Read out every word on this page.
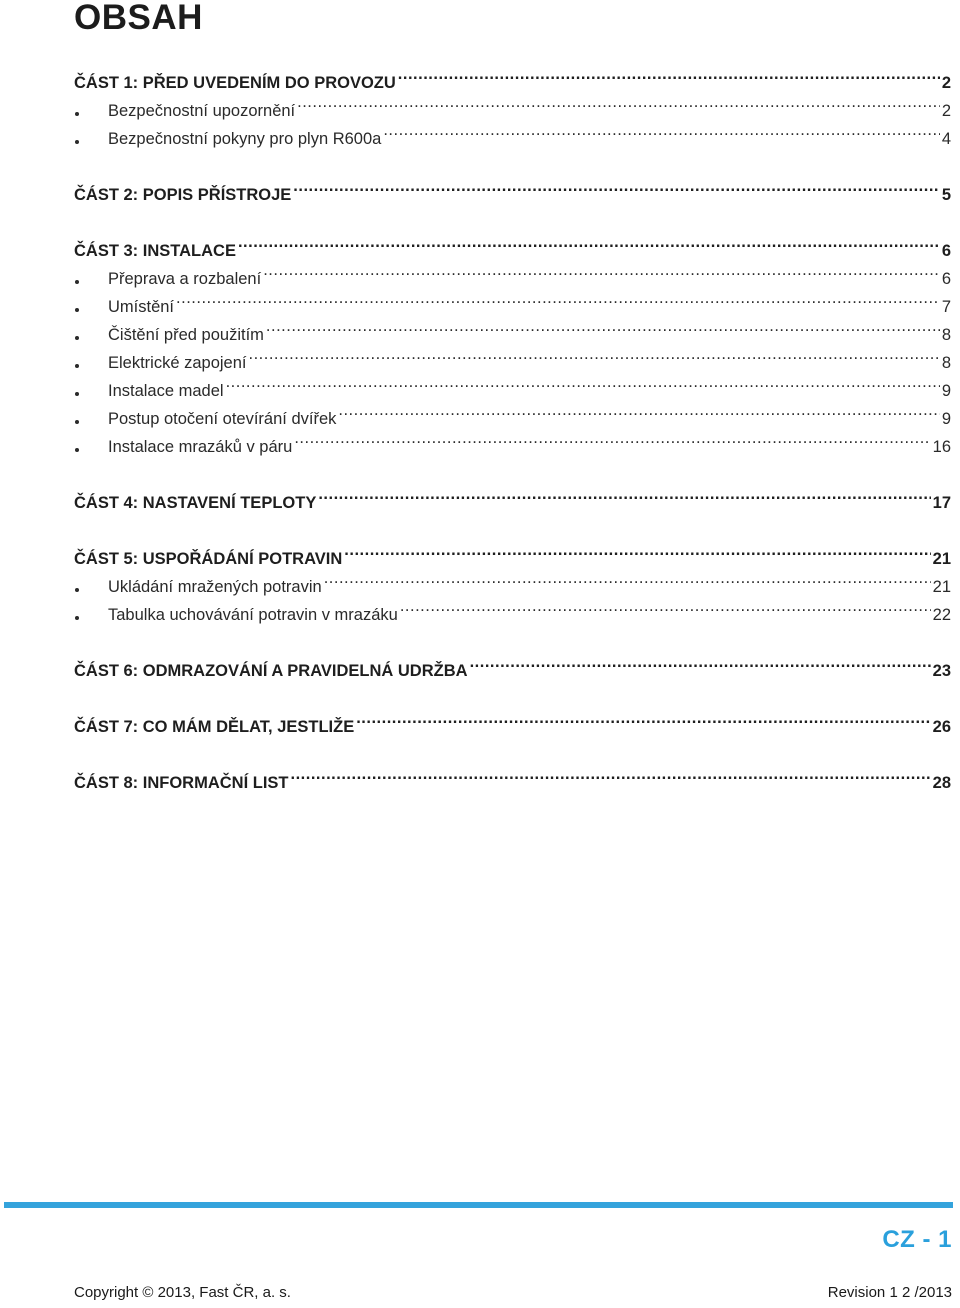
OBSAH
ČÁST 1: PŘED UVEDENÍM DO PROVOZU .....	2
Bezpečnostní upozornění .....	2
Bezpečnostní pokyny pro plyn R600a .....	4
ČÁST 2: POPIS PŘÍSTROJE .....	5
ČÁST 3: INSTALACE .....	6
Přeprava a rozbalení .....	6
Umístění .....	7
Čištění před použitím .....	8
Elektrické zapojení .....	8
Instalace madel .....	9
Postup otočení otevírání dvířek .....	9
Instalace mrazáků v páru .....	16
ČÁST 4: NASTAVENÍ TEPLOTY .....	17
ČÁST 5: USPOŘÁDÁNÍ POTRAVIN .....	21
Ukládání mražených potravin .....	21
Tabulka uchovávání potravin v mrazáku .....	22
ČÁST 6: ODMRAZOVÁNÍ A PRAVIDELNÁ UDRŽBA .....	23
ČÁST 7: CO MÁM DĚLAT, JESTLIŽE .....	26
ČÁST 8: INFORMAČNÍ LIST .....	28
CZ - 1
Copyright © 2013, Fast ČR, a. s.	Revision 1 2 /2013
